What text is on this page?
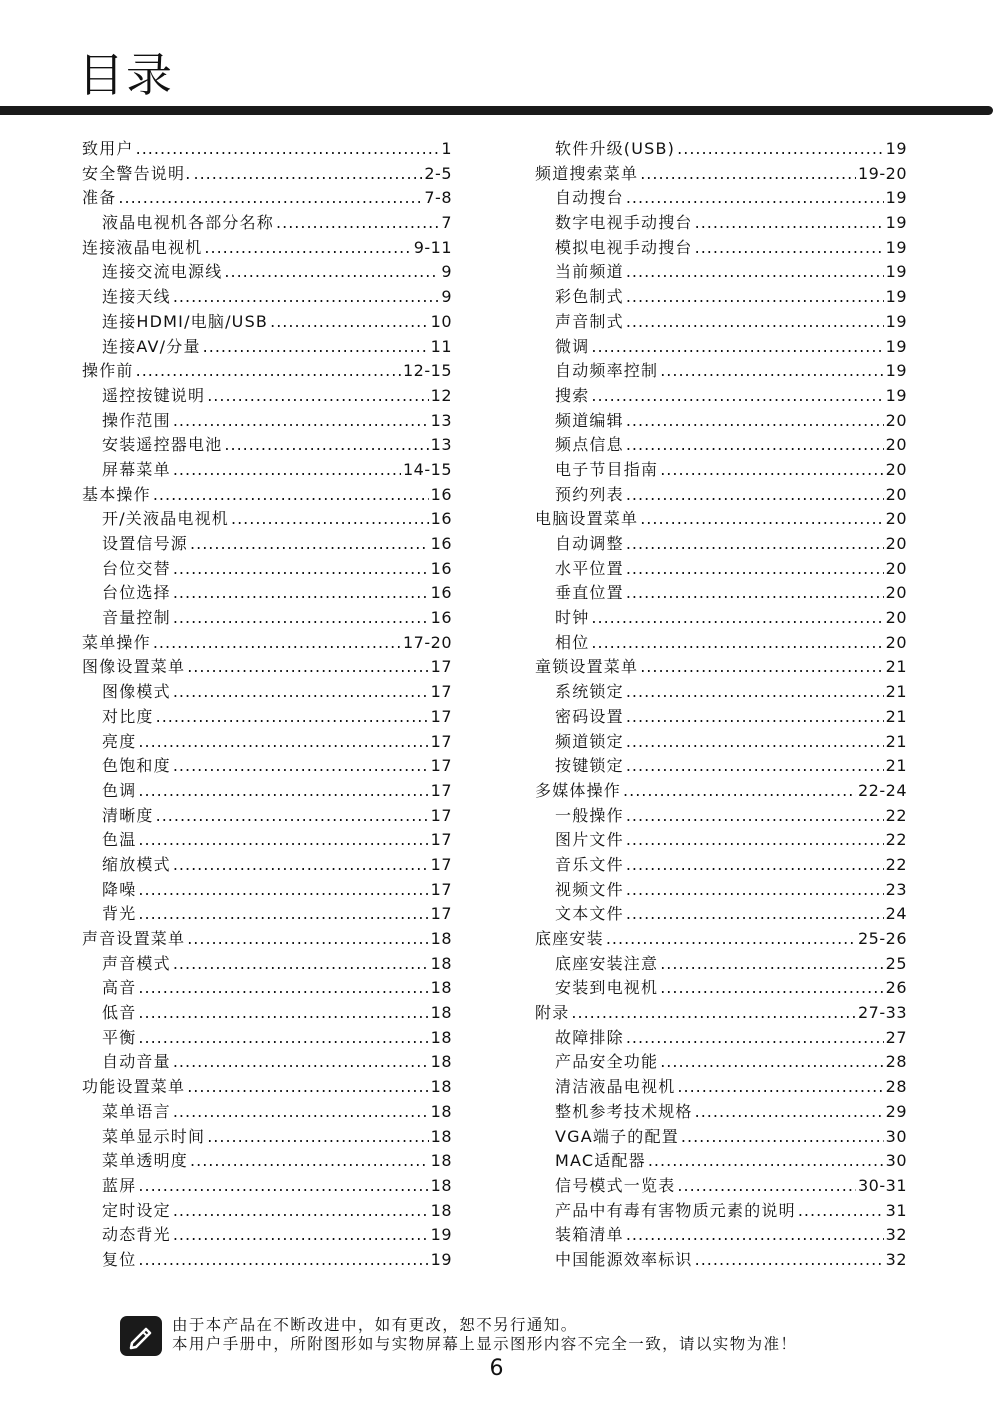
目录
致用户 .....	1
安全警告说明. .....	2-5
准备 .....	7-8
液晶电视机各部分名称 .....	7
连接液晶电视机 .....	9-11
连接交流电源线 .....	9
连接天线 .....	9
连接HDMI/电脑/USB .....	10
连接AV/分量 .....	11
操作前 .....	12-15
遥控按键说明 .....	12
操作范围 .....	13
安装遥控器电池 .....	13
屏幕菜单 .....	14-15
基本操作 .....	16
开/关液晶电视机 .....	16
设置信号源 .....	16
台位交替 .....	16
台位选择 .....	16
音量控制 .....	16
菜单操作 .....	17-20
图像设置菜单 .....	17
图像模式 .....	17
对比度 .....	17
亮度 .....	17
色饱和度 .....	17
色调 .....	17
清晰度 .....	17
色温 .....	17
缩放模式 .....	17
降噪 .....	17
背光 .....	17
声音设置菜单 .....	18
声音模式 .....	18
高音 .....	18
低音 .....	18
平衡 .....	18
自动音量 .....	18
功能设置菜单 .....	18
菜单语言 .....	18
菜单显示时间 .....	18
菜单透明度 .....	18
蓝屏 .....	18
定时设定 .....	18
动态背光 .....	19
复位 .....	19
软件升级(USB) .....	19
频道搜索菜单 .....	19-20
自动搜台 .....	19
数字电视手动搜台 .....	19
模拟电视手动搜台 .....	19
当前频道 .....	19
彩色制式 .....	19
声音制式 .....	19
微调 .....	19
自动频率控制 .....	19
搜索 .....	19
频道编辑 .....	20
频点信息 .....	20
电子节目指南 .....	20
预约列表 .....	20
电脑设置菜单 .....	20
自动调整 .....	20
水平位置 .....	20
垂直位置 .....	20
时钟 .....	20
相位 .....	20
童锁设置菜单 .....	21
系统锁定 .....	21
密码设置 .....	21
频道锁定 .....	21
按键锁定 .....	21
多媒体操作 .....	22-24
一般操作 .....	22
图片文件 .....	22
音乐文件 .....	22
视频文件 .....	23
文本文件 .....	24
底座安装 .....	25-26
底座安装注意 .....	25
安装到电视机 .....	26
附录 .....	27-33
故障排除 .....	27
产品安全功能 .....	28
清洁液晶电视机 .....	28
整机参考技术规格 .....	29
VGA端子的配置 .....	30
MAC适配器 .....	30
信号模式一览表 .....	30-31
产品中有毒有害物质元素的说明 .....	31
装箱清单 .....	32
中国能源效率标识 .....	32
由于本产品在不断改进中，如有更改，恕不另行通知。
本用户手册中，所附图形如与实物屏幕上显示图形内容不完全一致，请以实物为准！
6
